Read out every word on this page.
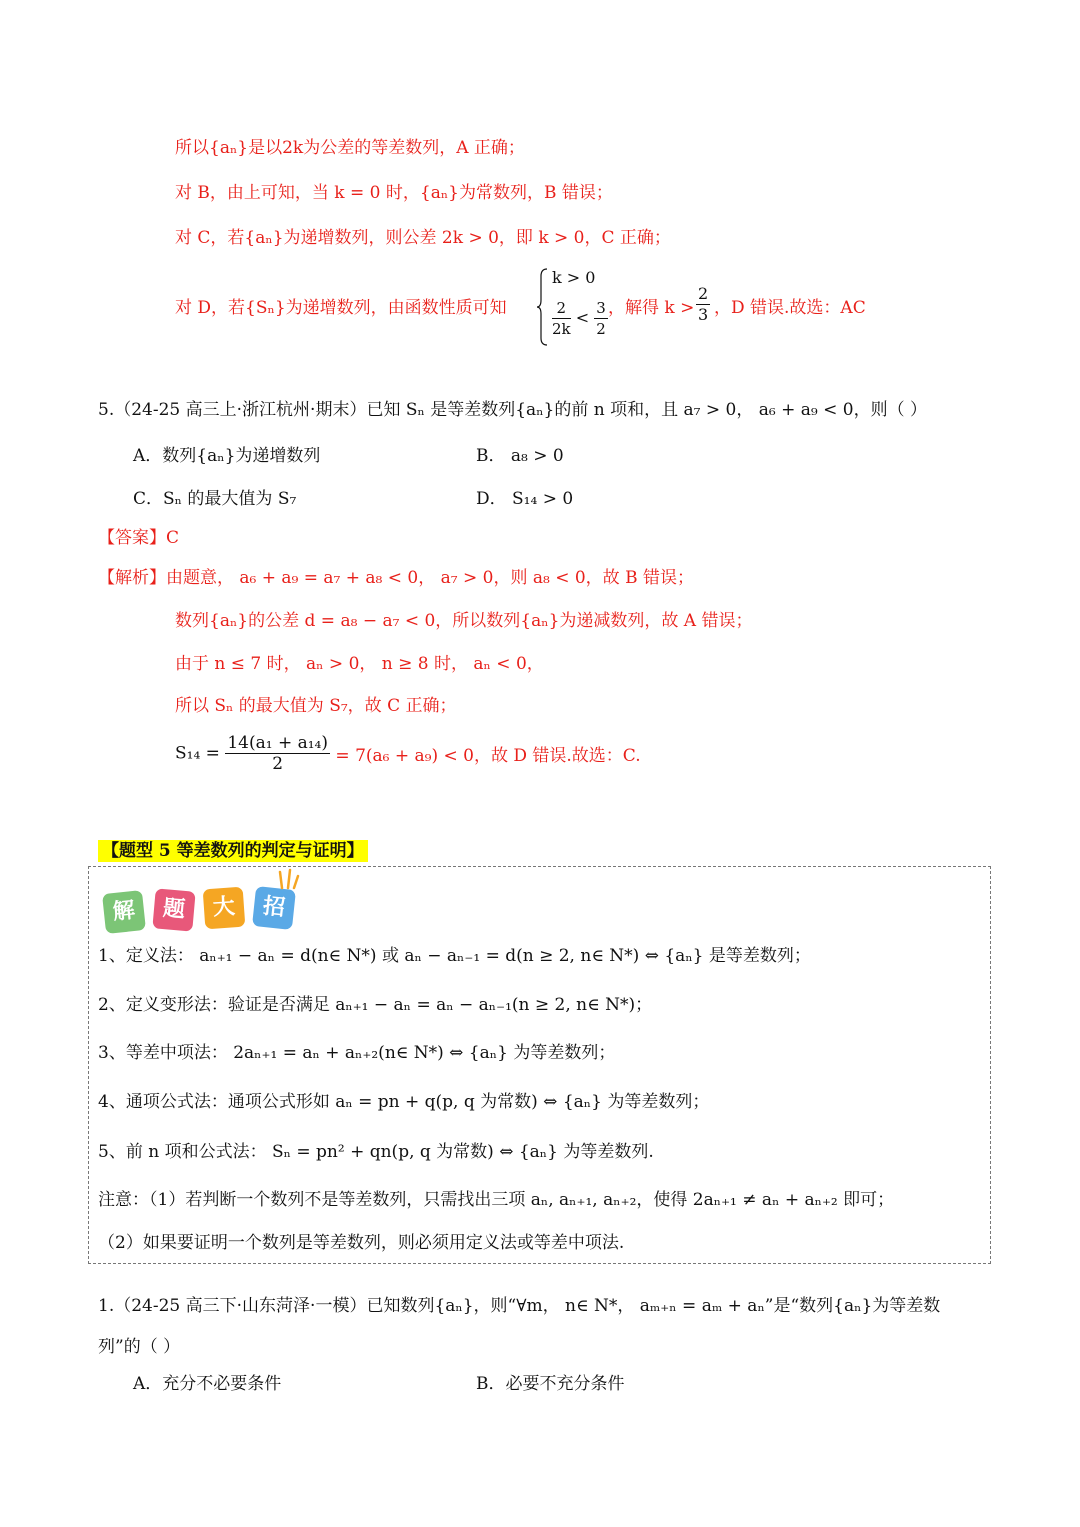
所以{aₙ}是以2k为公差的等差数列，A 正确；
对 B，由上可知，当 k = 0 时，{aₙ}为常数列，B 错误；
对 C，若{aₙ}为递增数列，则公差 2k > 0，即 k > 0，C 正确；
对 D，若{Sₙ}为递增数列，由函数性质可知
k > 0
$\frac{2}{2k} < \frac{3}{2}$ ，解得 $k > \frac{2}{3}$ ，D 错误.故选：AC
5.（24-25 高三上·浙江杭州·期末）已知 Sₙ 是等差数列{aₙ}的前 n 项和，且 a₇ > 0， a₆ + a₉ < 0，则（ ）
A．数列{aₙ}为递增数列	B． a₈ > 0
C．Sₙ 的最大值为 S₇	D． S₁₄ > 0
【答案】C
【解析】由题意， a₆ + a₉ = a₇ + a₈ < 0， a₇ > 0，则 a₈ < 0，故 B 错误；
数列{aₙ}的公差 d = a₈ − a₇ < 0，所以数列{aₙ}为递减数列，故 A 错误；
由于 n ≤ 7 时， aₙ > 0， n ≥ 8 时， aₙ < 0，
所以 Sₙ 的最大值为 S₇，故 C 正确；
$S_{14} = \frac{\text{14(a₁ + a₁₄)}}{2} = 7(a_6 + a_9) < 0$，故 D 错误.故选：C.
【题型 5 等差数列的判定与证明】
解	题	大	招
1、定义法： aₙ₊₁ − aₙ = d(n∈ N*) 或 aₙ − aₙ₋₁ = d(n ≥ 2, n∈ N*) ⇔ {aₙ} 是等差数列；
2、定义变形法：验证是否满足 aₙ₊₁ − aₙ = aₙ − aₙ₋₁(n ≥ 2, n∈ N*)；
3、等差中项法： 2aₙ₊₁ = aₙ + aₙ₊₂(n∈ N*) ⇔ {aₙ} 为等差数列；
4、通项公式法：通项公式形如 aₙ = pn + q(p, q 为常数) ⇔ {aₙ} 为等差数列；
5、前 n 项和公式法： Sₙ = pn² + qn(p, q 为常数) ⇔ {aₙ} 为等差数列.
注意：（1）若判断一个数列不是等差数列，只需找出三项 aₙ, aₙ₊₁, aₙ₊₂，使得 2aₙ₊₁ ≠ aₙ + aₙ₊₂ 即可；
（2）如果要证明一个数列是等差数列，则必须用定义法或等差中项法.
1.（24-25 高三下·山东菏泽·一模）已知数列{aₙ}，则“∀m， n∈ N*， aₘ₊ₙ = aₘ + aₙ”是“数列{aₙ}为等差数
列”的（ ）
A．充分不必要条件	B．必要不充分条件
